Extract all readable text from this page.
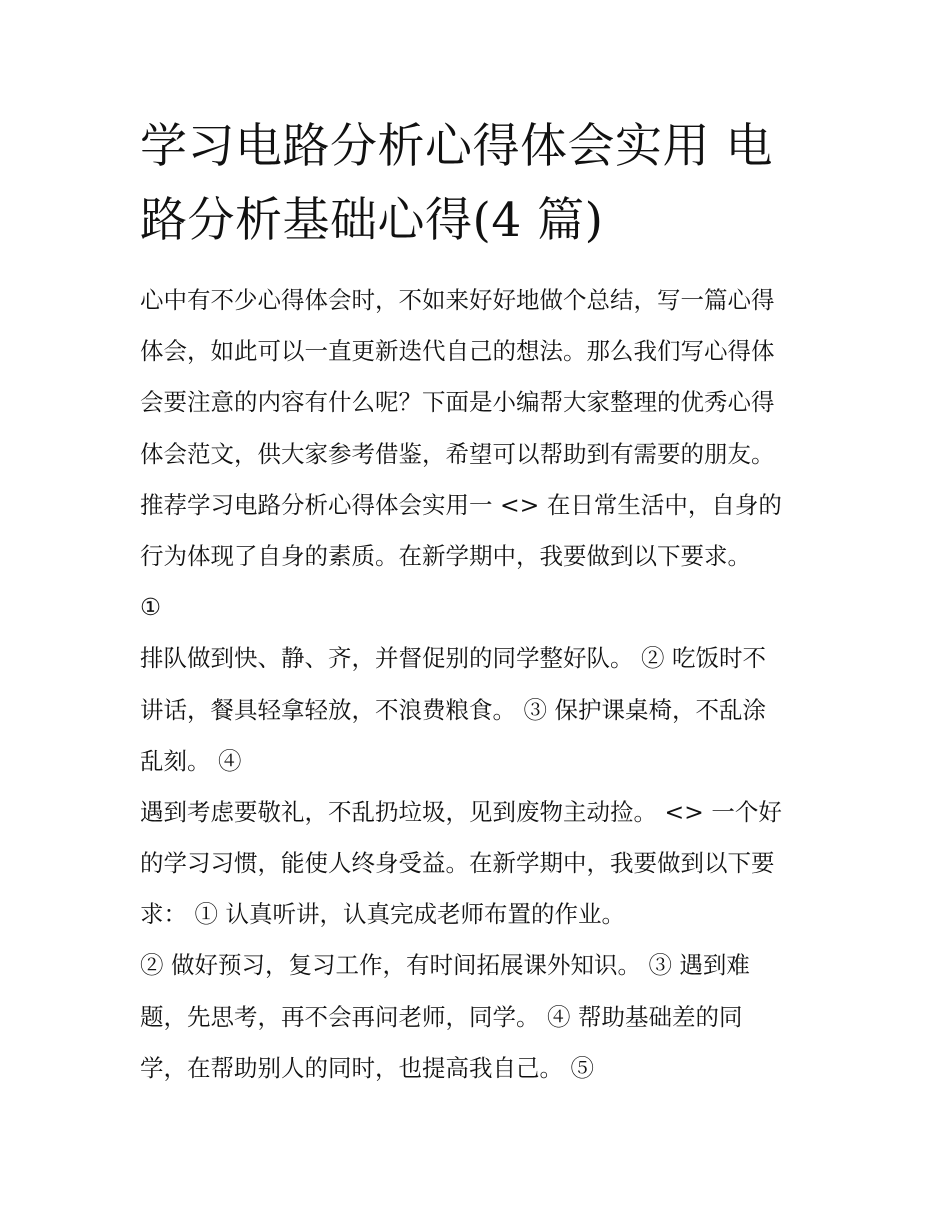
学习电路分析心得体会实用 电
路分析基础心得(4 篇)
心中有不少心得体会时，不如来好好地做个总结，写一篇心得
体会，如此可以一直更新迭代自己的想法。那么我们写心得体
会要注意的内容有什么呢？下面是小编帮大家整理的优秀心得
体会范文，供大家参考借鉴，希望可以帮助到有需要的朋友。
推荐学习电路分析心得体会实用一 <> 在日常生活中，自身的
行为体现了自身的素质。在新学期中，我要做到以下要求。
①
排队做到快、静、齐，并督促别的同学整好队。 ② 吃饭时不
讲话，餐具轻拿轻放，不浪费粮食。 ③ 保护课桌椅，不乱涂
乱刻。 ④
遇到考虑要敬礼，不乱扔垃圾，见到废物主动捡。 <> 一个好
的学习习惯，能使人终身受益。在新学期中，我要做到以下要
求： ① 认真听讲，认真完成老师布置的作业。
② 做好预习，复习工作，有时间拓展课外知识。 ③ 遇到难
题，先思考，再不会再问老师，同学。 ④ 帮助基础差的同
学，在帮助别人的同时，也提高我自己。 ⑤
